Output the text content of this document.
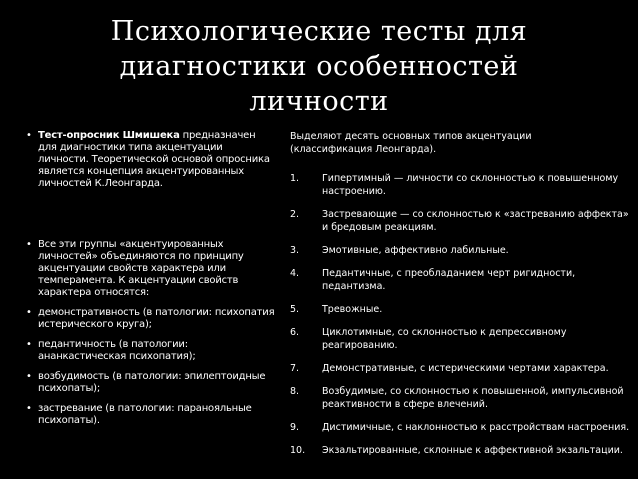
Психологические тесты для
диагностики особенностей
личности
• Тест-опросник Шмишека предназначен для диагностики типа акцентуации личности. Теоретической основой опросника является концепция акцентуированных личностей К.Леонгарда.
• Все эти группы «акцентуированных личностей» объединяются по принципу акцентуации свойств характера или темперамента. К акцентуации свойств характера относятся:
• демонстративность (в патологии: психопатия истерического круга);
• педантичность (в патологии: ананкастическая психопатия);
• возбудимость (в патологии: эпилептоидные психопаты);
• застревание (в патологии: паранояльные психопаты).
Выделяют десять основных типов акцентуации (классификация Леонгарда).
1.	Гипертимный — личности со склонностью к повышенному настроению.
2.	Застревающие — со склонностью к «застреванию аффекта» и бредовым реакциям.
3.	Эмотивные, аффективно лабильные.
4.	Педантичные, с преобладанием черт ригидности, педантизма.
5.	Тревожные.
6.	Циклотимные, со склонностью к депрессивному реагированию.
7.	Демонстративные, с истерическими чертами характера.
8.	Возбудимые, со склонностью к повышенной, импульсивной реактивности в сфере влечений.
9.	Дистимичные, с наклонностью к расстройствам настроения.
10.	Экзальтированные, склонные к аффективной экзальтации.
